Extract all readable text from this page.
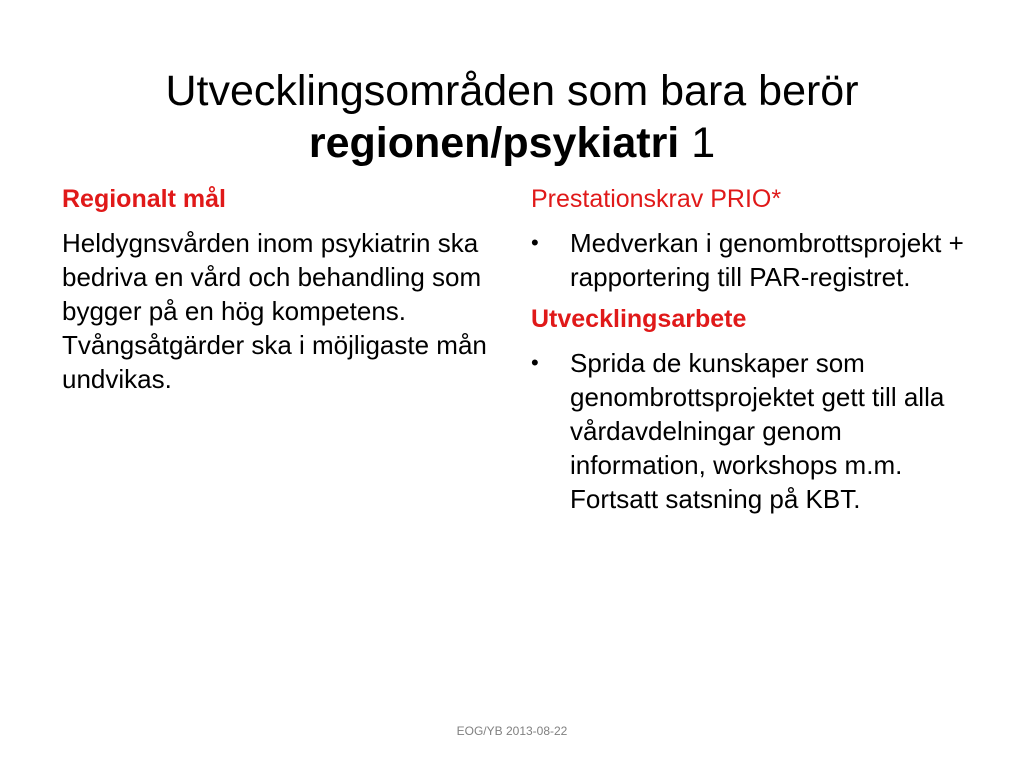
Utvecklingsområden som bara berör
regionen/psykiatri 1
Regionalt mål

Heldygnsvården inom psykiatrin ska bedriva en vård och behandling som bygger på en hög kompetens. Tvångsåtgärder ska i möjligaste mån undvikas.

Prestationskrav PRIO*
•	Medverkan i genombrottsprojekt + rapportering till PAR-registret.
Utvecklingsarbete
•	Sprida de kunskaper som genombrottsprojektet gett till alla vårdavdelningar genom information, workshops m.m. Fortsatt satsning på KBT.
EOG/YB 2013-08-22
